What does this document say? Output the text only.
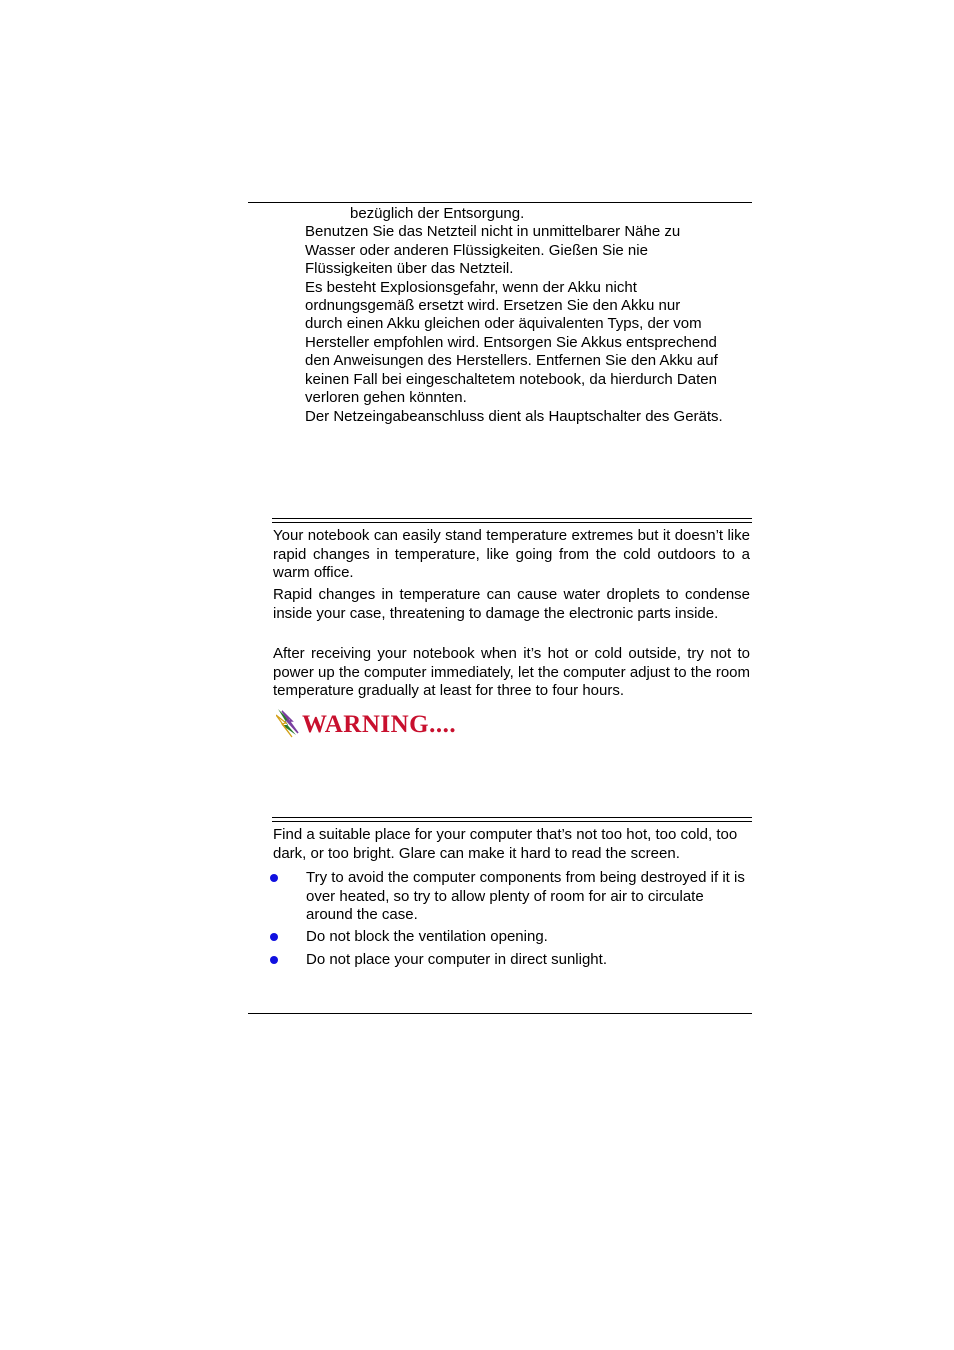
bezüglich der Entsorgung.
Benutzen Sie das Netzteil nicht in unmittelbarer Nähe zu
Wasser oder anderen Flüssigkeiten. Gießen Sie nie
Flüssigkeiten über das Netzteil.
Es besteht Explosionsgefahr, wenn der Akku nicht
ordnungsgemäß ersetzt wird. Ersetzen Sie den Akku nur
durch einen Akku gleichen oder äquivalenten Typs, der vom
Hersteller empfohlen wird. Entsorgen Sie Akkus entsprechend
den Anweisungen des Herstellers. Entfernen Sie den Akku auf
keinen Fall bei eingeschaltetem notebook, da hierdurch Daten
verloren gehen könnten.
Der Netzeingabeanschluss dient als Hauptschalter des Geräts.

Your notebook can easily stand temperature extremes but it doesn’t like rapid changes in temperature, like going from the cold outdoors to a warm office.

Rapid changes in temperature can cause water droplets to condense inside your case, threatening to damage the electronic parts inside.

After receiving your notebook when it’s hot or cold outside, try not to power up the computer immediately, let the computer adjust to the room temperature gradually at least for three to four hours.

WARNING....

Find a suitable place for your computer that’s not too hot, too cold, too dark, or too bright. Glare can make it hard to read the screen.

Try to avoid the computer components from being destroyed if it is over heated, so try to allow plenty of room for air to circulate around the case.
Do not block the ventilation opening.
Do not place your computer in direct sunlight.
